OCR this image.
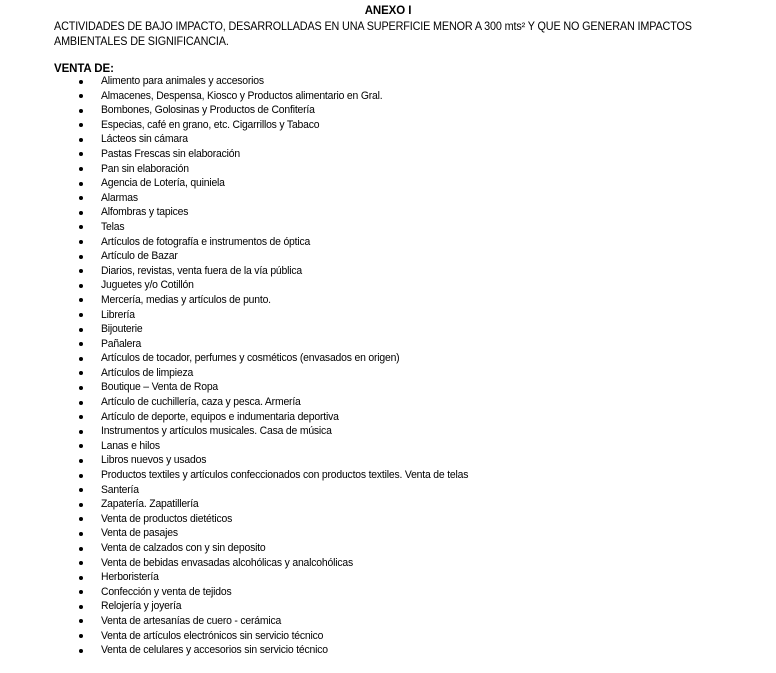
ANEXO I
ACTIVIDADES DE BAJO IMPACTO, DESARROLLADAS EN UNA SUPERFICIE MENOR A 300 mts² Y QUE NO GENERAN IMPACTOS AMBIENTALES DE SIGNIFICANCIA.
VENTA DE:
Alimento para animales y accesorios
Almacenes, Despensa, Kiosco y Productos alimentario en Gral.
Bombones, Golosinas y Productos de Confitería
Especias, café en grano, etc. Cigarrillos y Tabaco
Lácteos sin cámara
Pastas Frescas sin elaboración
Pan sin elaboración
Agencia de Lotería, quiniela
Alarmas
Alfombras y tapices
Telas
Artículos de fotografía e instrumentos de óptica
Artículo de Bazar
Diarios, revistas, venta fuera de la vía pública
Juguetes y/o Cotillón
Mercería, medias y artículos de punto.
Librería
Bijouterie
Pañalera
Artículos de tocador, perfumes y cosméticos (envasados en origen)
Artículos de limpieza
Boutique – Venta de Ropa
Artículo de cuchillería, caza y pesca. Armería
Artículo de deporte, equipos e indumentaria deportiva
Instrumentos y artículos musicales. Casa de música
Lanas e hilos
Libros nuevos y usados
Productos textiles y artículos confeccionados con productos textiles. Venta de telas
Santería
Zapatería. Zapatillería
Venta de productos dietéticos
Venta de pasajes
Venta de calzados con y sin deposito
Venta de bebidas envasadas alcohólicas y analcohólicas
Herboristería
Confección y venta de tejidos
Relojería y joyería
Venta de artesanías de cuero - cerámica
Venta de artículos electrónicos sin servicio técnico
Venta de celulares y accesorios sin servicio técnico
